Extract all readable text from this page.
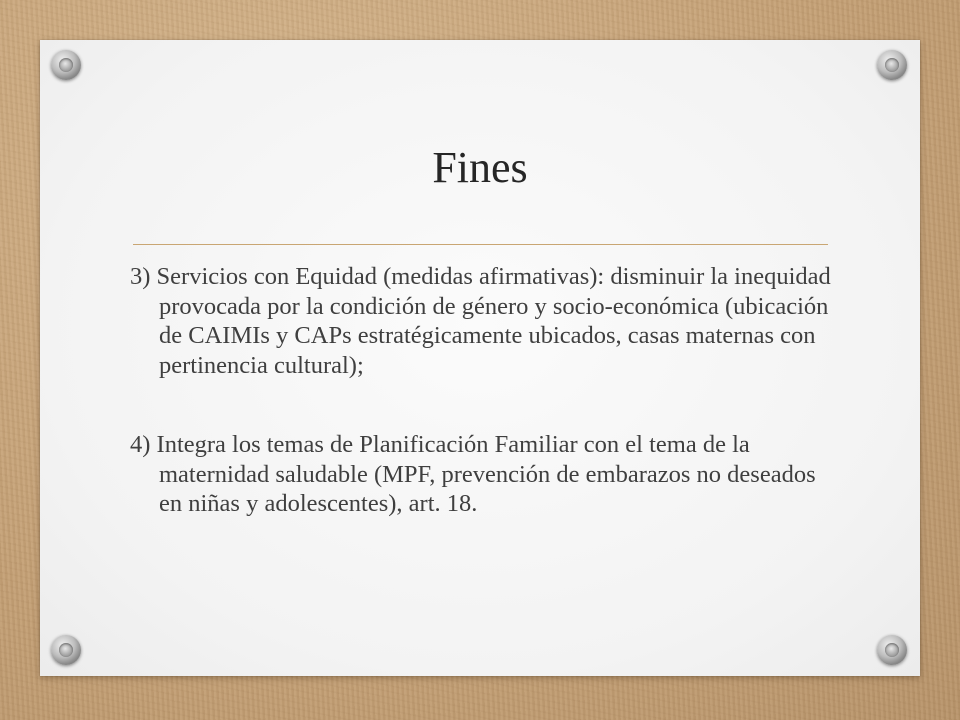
Fines

3) Servicios con Equidad (medidas afirmativas): disminuir la inequidad provocada por la condición de género y socio-económica (ubicación de CAIMIs y CAPs estratégicamente ubicados, casas maternas con pertinencia cultural);

4) Integra los temas de Planificación Familiar con el tema de la maternidad saludable (MPF, prevención de embarazos no deseados en niñas y adolescentes), art. 18.
